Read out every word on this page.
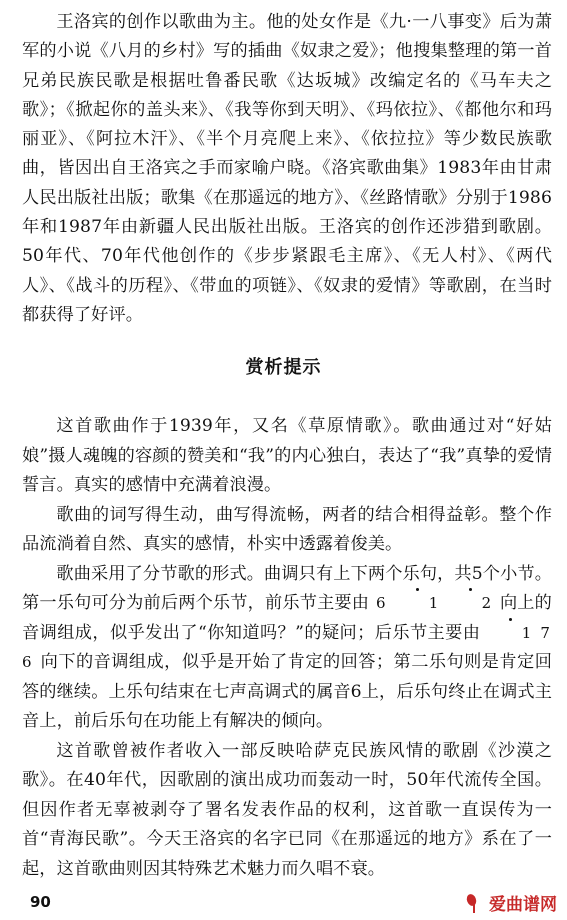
王洛宾的创作以歌曲为主。他的处女作是《九·一八事变》后为萧军的小说《八月的乡村》写的插曲《奴隶之爱》；他搜集整理的第一首兄弟民族民歌是根据吐鲁番民歌《达坂城》改编定名的《马车夫之歌》；《掀起你的盖头来》、《我等你到天明》、《玛依拉》、《都他尔和玛丽亚》、《阿拉木汗》、《半个月亮爬上来》、《依拉拉》等少数民族歌曲，皆因出自王洛宾之手而家喻户晓。《洛宾歌曲集》1983年由甘肃人民出版社出版；歌集《在那遥远的地方》、《丝路情歌》分别于1986年和1987年由新疆人民出版社出版。王洛宾的创作还涉猎到歌剧。50年代、70年代他创作的《步步紧跟毛主席》、《无人村》、《两代人》、《战斗的历程》、《带血的项链》、《奴隶的爱情》等歌剧，在当时都获得了好评。

赏析提示

这首歌曲作于1939年，又名《草原情歌》。歌曲通过对“好姑娘”摄人魂魄的容颜的赞美和“我”的内心独白，表达了“我”真挚的爱情誓言。真实的感情中充满着浪漫。

歌曲的词写得生动，曲写得流畅，两者的结合相得益彰。整个作品流淌着自然、真实的感情，朴实中透露着俊美。

歌曲采用了分节歌的形式。曲调只有上下两个乐句，共5个小节。第一乐句可分为前后两个乐节，前乐节主要由 6	1	2 向上的音调组成，似乎发出了“你知道吗？”的疑问；后乐节主要由	1 7 6 向下的音调组成，似乎是开始了肯定的回答；第二乐句则是肯定回答的继续。上乐句结束在七声高调式的属音6上，后乐句终止在调式主音上，前后乐句在功能上有解决的倾向。

这首歌曾被作者收入一部反映哈萨克民族风情的歌剧《沙漠之歌》。在40年代，因歌剧的演出成功而轰动一时，50年代流传全国。但因作者无辜被剥夺了署名发表作品的权利，这首歌一直误传为一首“青海民歌”。今天王洛宾的名字已同《在那遥远的地方》系在了一起，这首歌曲则因其特殊艺术魅力而久唱不衰。

90	爱曲谱网
